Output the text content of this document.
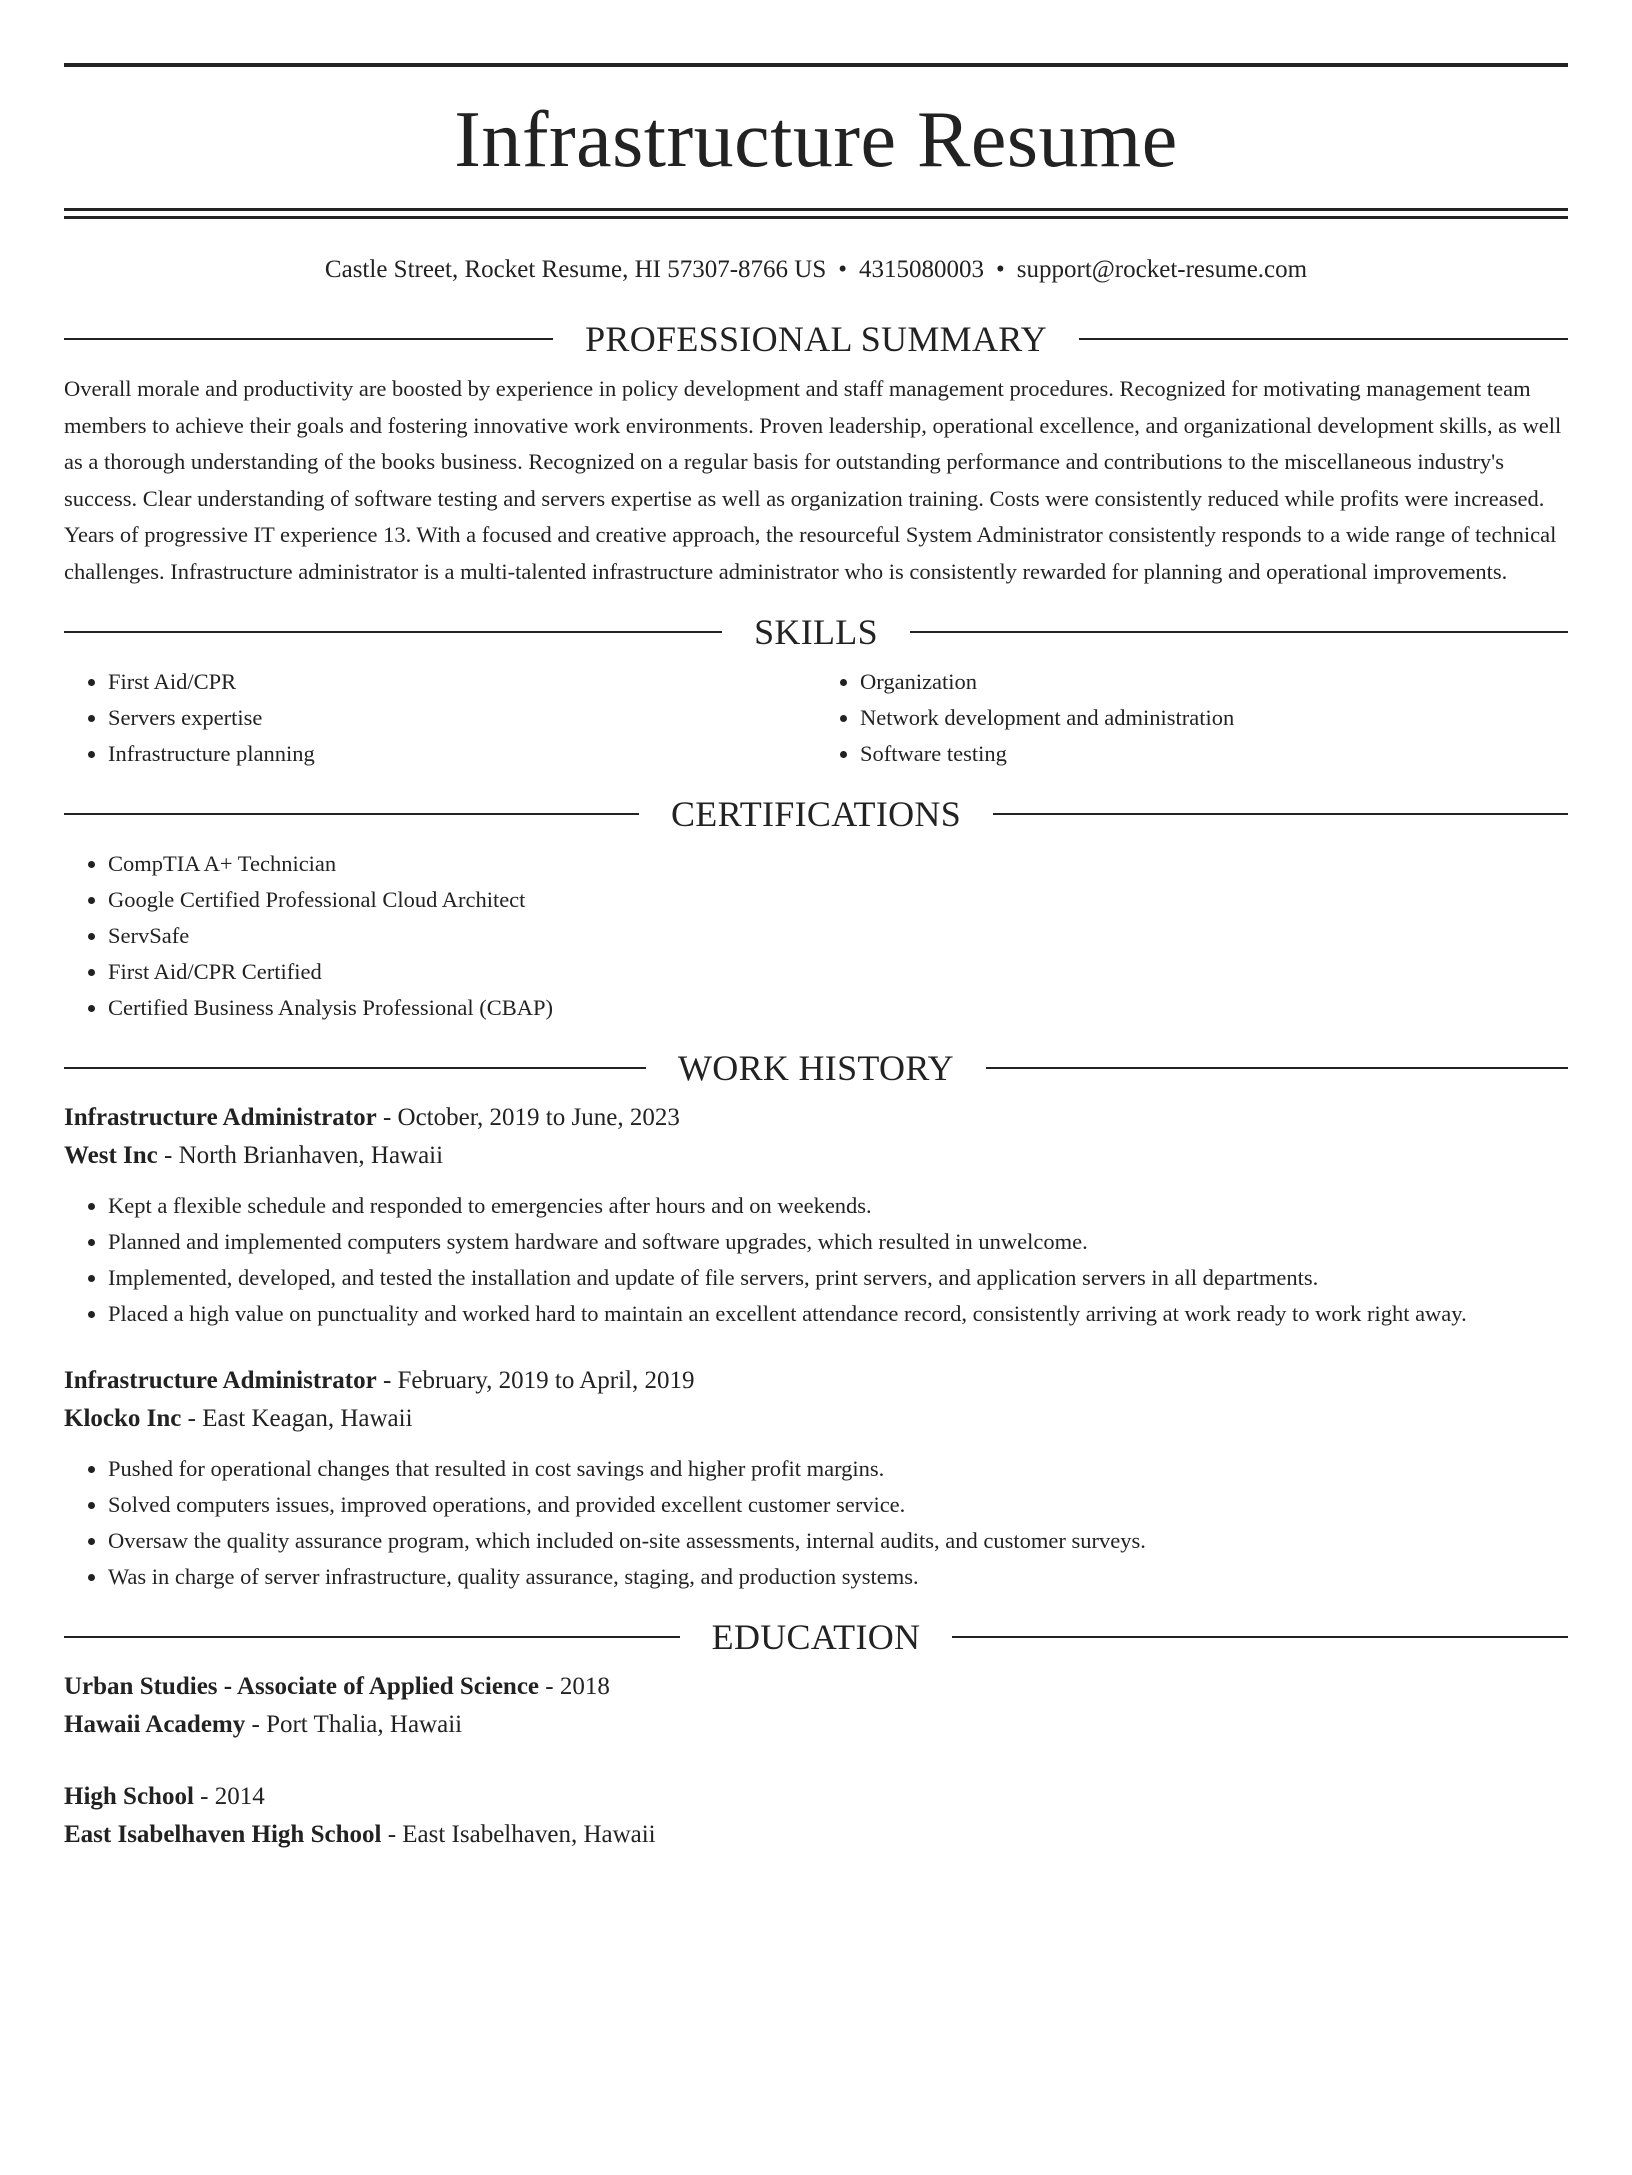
Infrastructure Resume
Castle Street, Rocket Resume, HI 57307-8766 US • 4315080003 • support@rocket-resume.com
PROFESSIONAL SUMMARY
Overall morale and productivity are boosted by experience in policy development and staff management procedures. Recognized for motivating management team members to achieve their goals and fostering innovative work environments. Proven leadership, operational excellence, and organizational development skills, as well as a thorough understanding of the books business. Recognized on a regular basis for outstanding performance and contributions to the miscellaneous industry's success. Clear understanding of software testing and servers expertise as well as organization training. Costs were consistently reduced while profits were increased. Years of progressive IT experience 13. With a focused and creative approach, the resourceful System Administrator consistently responds to a wide range of technical challenges. Infrastructure administrator is a multi-talented infrastructure administrator who is consistently rewarded for planning and operational improvements.
SKILLS
• First Aid/CPR
• Servers expertise
• Infrastructure planning
• Organization
• Network development and administration
• Software testing
CERTIFICATIONS
• CompTIA A+ Technician
• Google Certified Professional Cloud Architect
• ServSafe
• First Aid/CPR Certified
• Certified Business Analysis Professional (CBAP)
WORK HISTORY
Infrastructure Administrator - October, 2019 to June, 2023
West Inc - North Brianhaven, Hawaii
• Kept a flexible schedule and responded to emergencies after hours and on weekends.
• Planned and implemented computers system hardware and software upgrades, which resulted in unwelcome.
• Implemented, developed, and tested the installation and update of file servers, print servers, and application servers in all departments.
• Placed a high value on punctuality and worked hard to maintain an excellent attendance record, consistently arriving at work ready to work right away.
Infrastructure Administrator - February, 2019 to April, 2019
Klocko Inc - East Keagan, Hawaii
• Pushed for operational changes that resulted in cost savings and higher profit margins.
• Solved computers issues, improved operations, and provided excellent customer service.
• Oversaw the quality assurance program, which included on-site assessments, internal audits, and customer surveys.
• Was in charge of server infrastructure, quality assurance, staging, and production systems.
EDUCATION
Urban Studies - Associate of Applied Science - 2018
Hawaii Academy - Port Thalia, Hawaii
High School - 2014
East Isabelhaven High School - East Isabelhaven, Hawaii
